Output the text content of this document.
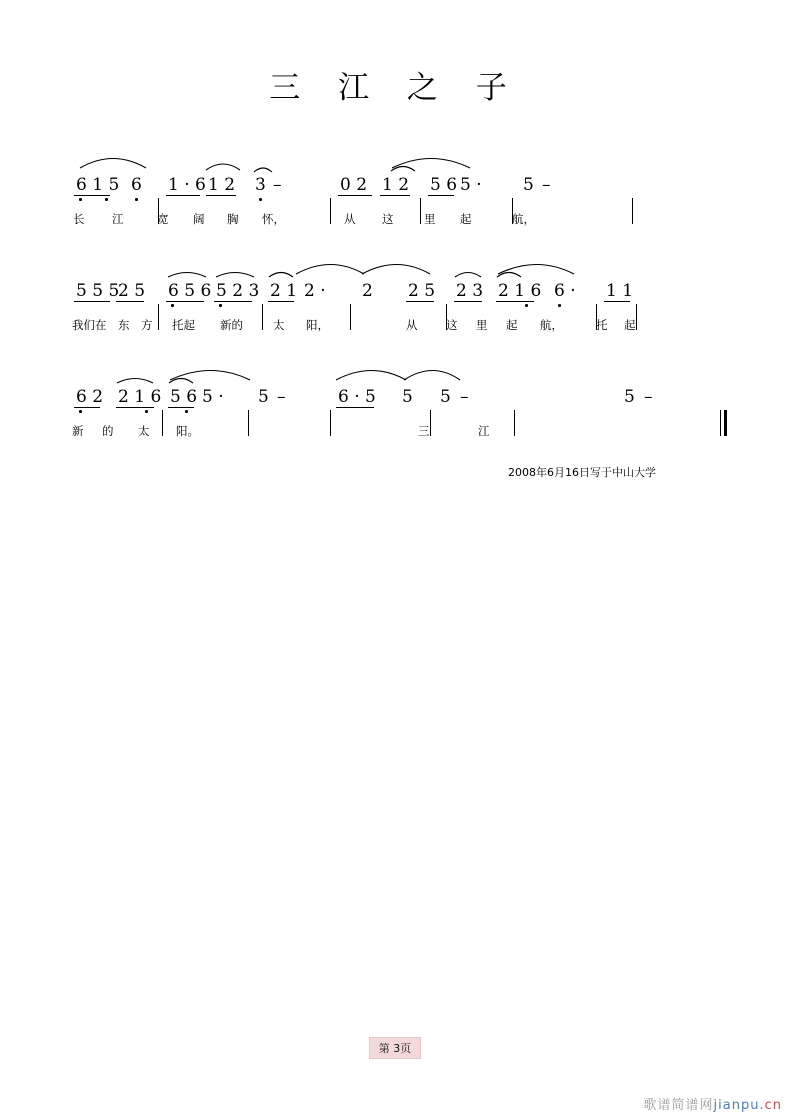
三 江 之 子
6 1 5 6 1 · 6 1 2 3 –	0 2 1 2 5 6 5 · 5 –
长 江	宽 阔 胸 怀，	从 这	里 起	航，
5 5 5
2 5 6 5 6 5 2 3 2 1 2 · 2 2 5 2 3 2 1 6 6 · 1 1
我们在 东 方 托起 新的	太 阳，	从 这 里 起 航，	托 起
6 2 2 1 6 5 6 5 · 5 –	6 · 5 5 5 –	5 –
新 的 太 阳。	三	江
2008年6月16日写于中山大学
第 3页
歌谱简谱网jianpu.cn
